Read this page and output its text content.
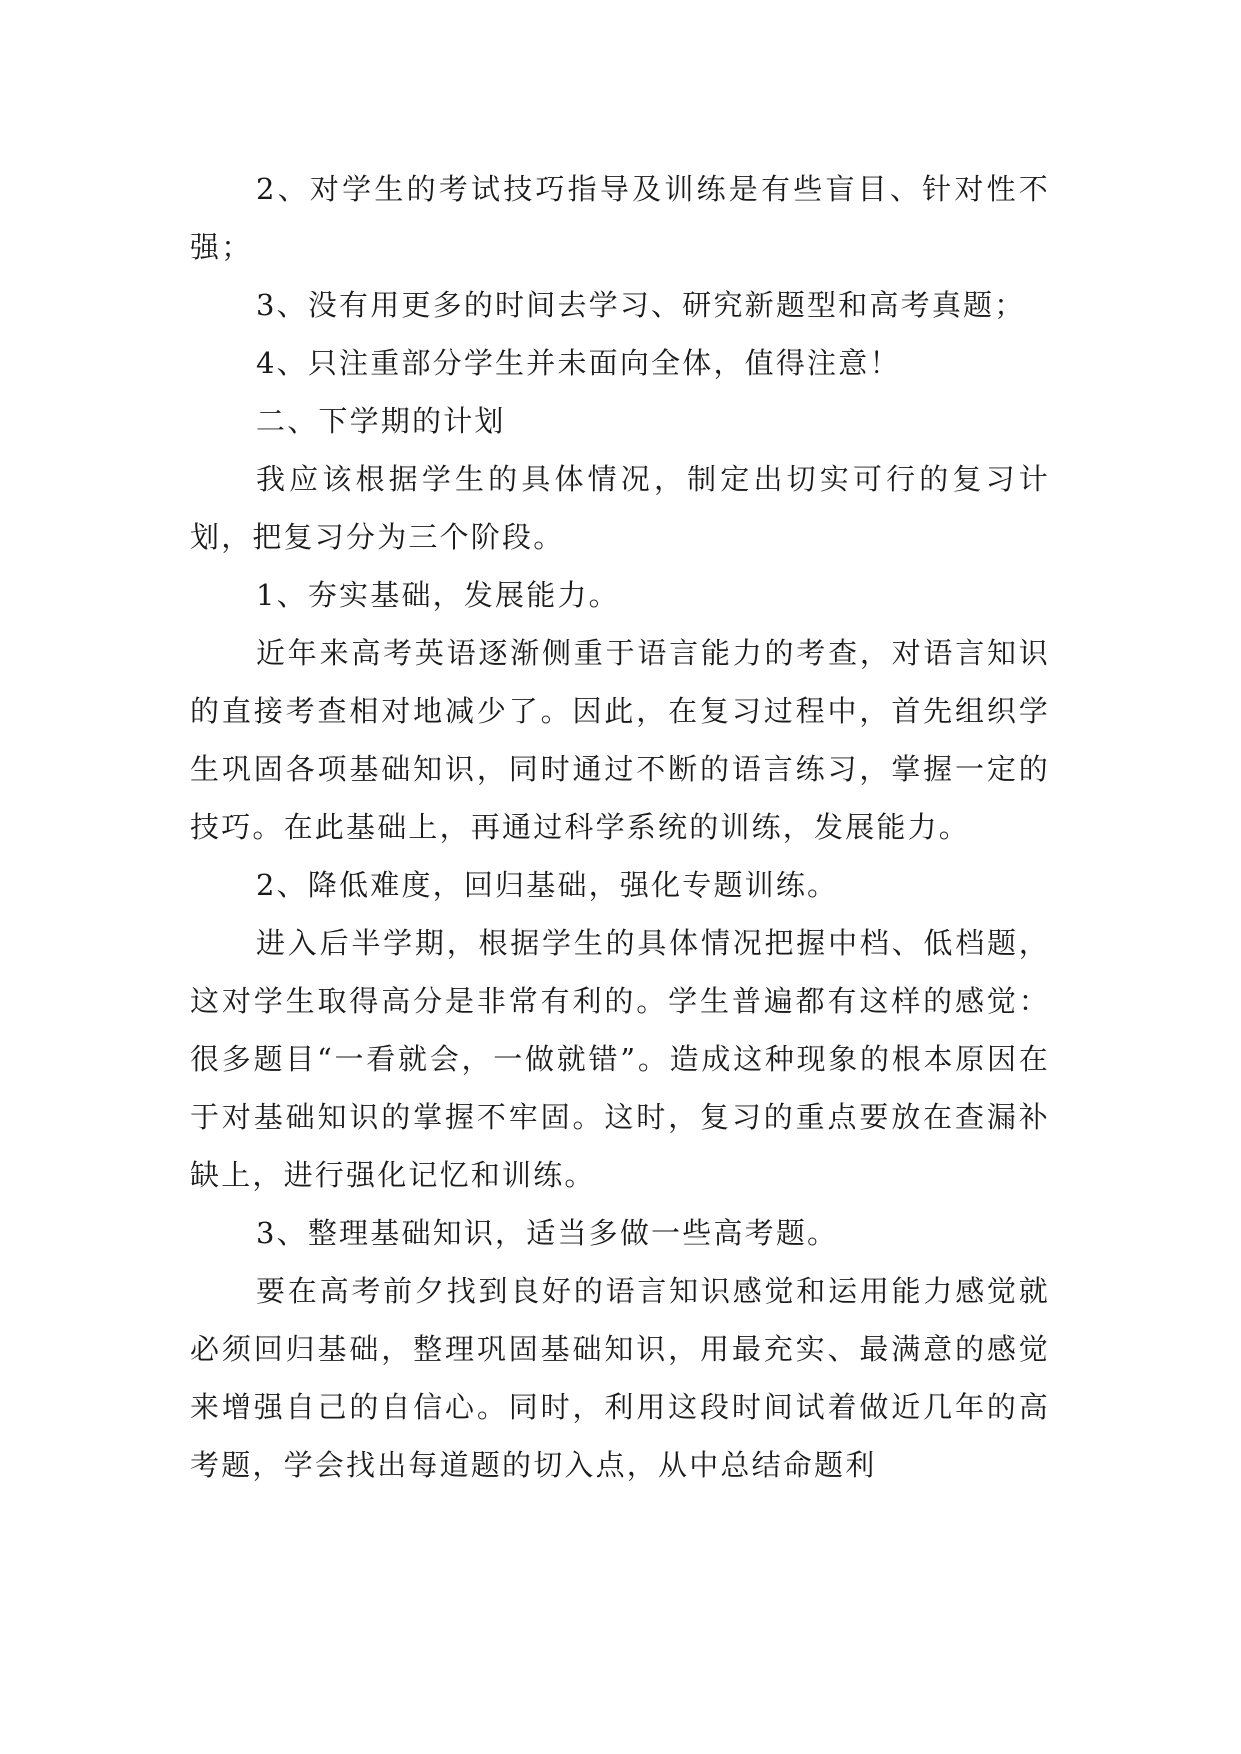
2、对学生的考试技巧指导及训练是有些盲目、针对性不强；

3、没有用更多的时间去学习、研究新题型和高考真题；

4、只注重部分学生并未面向全体，值得注意！

二、下学期的计划

我应该根据学生的具体情况，制定出切实可行的复习计划，把复习分为三个阶段。

1、夯实基础，发展能力。

近年来高考英语逐渐侧重于语言能力的考查，对语言知识的直接考查相对地减少了。因此，在复习过程中，首先组织学生巩固各项基础知识，同时通过不断的语言练习，掌握一定的技巧。在此基础上，再通过科学系统的训练，发展能力。

2、降低难度，回归基础，强化专题训练。

进入后半学期，根据学生的具体情况把握中档、低档题，这对学生取得高分是非常有利的。学生普遍都有这样的感觉：很多题目“一看就会，一做就错”。造成这种现象的根本原因在于对基础知识的掌握不牢固。这时，复习的重点要放在查漏补缺上，进行强化记忆和训练。

3、整理基础知识，适当多做一些高考题。

要在高考前夕找到良好的语言知识感觉和运用能力感觉就必须回归基础，整理巩固基础知识，用最充实、最满意的感觉来增强自己的自信心。同时，利用这段时间试着做近几年的高考题，学会找出每道题的切入点，从中总结命题利
